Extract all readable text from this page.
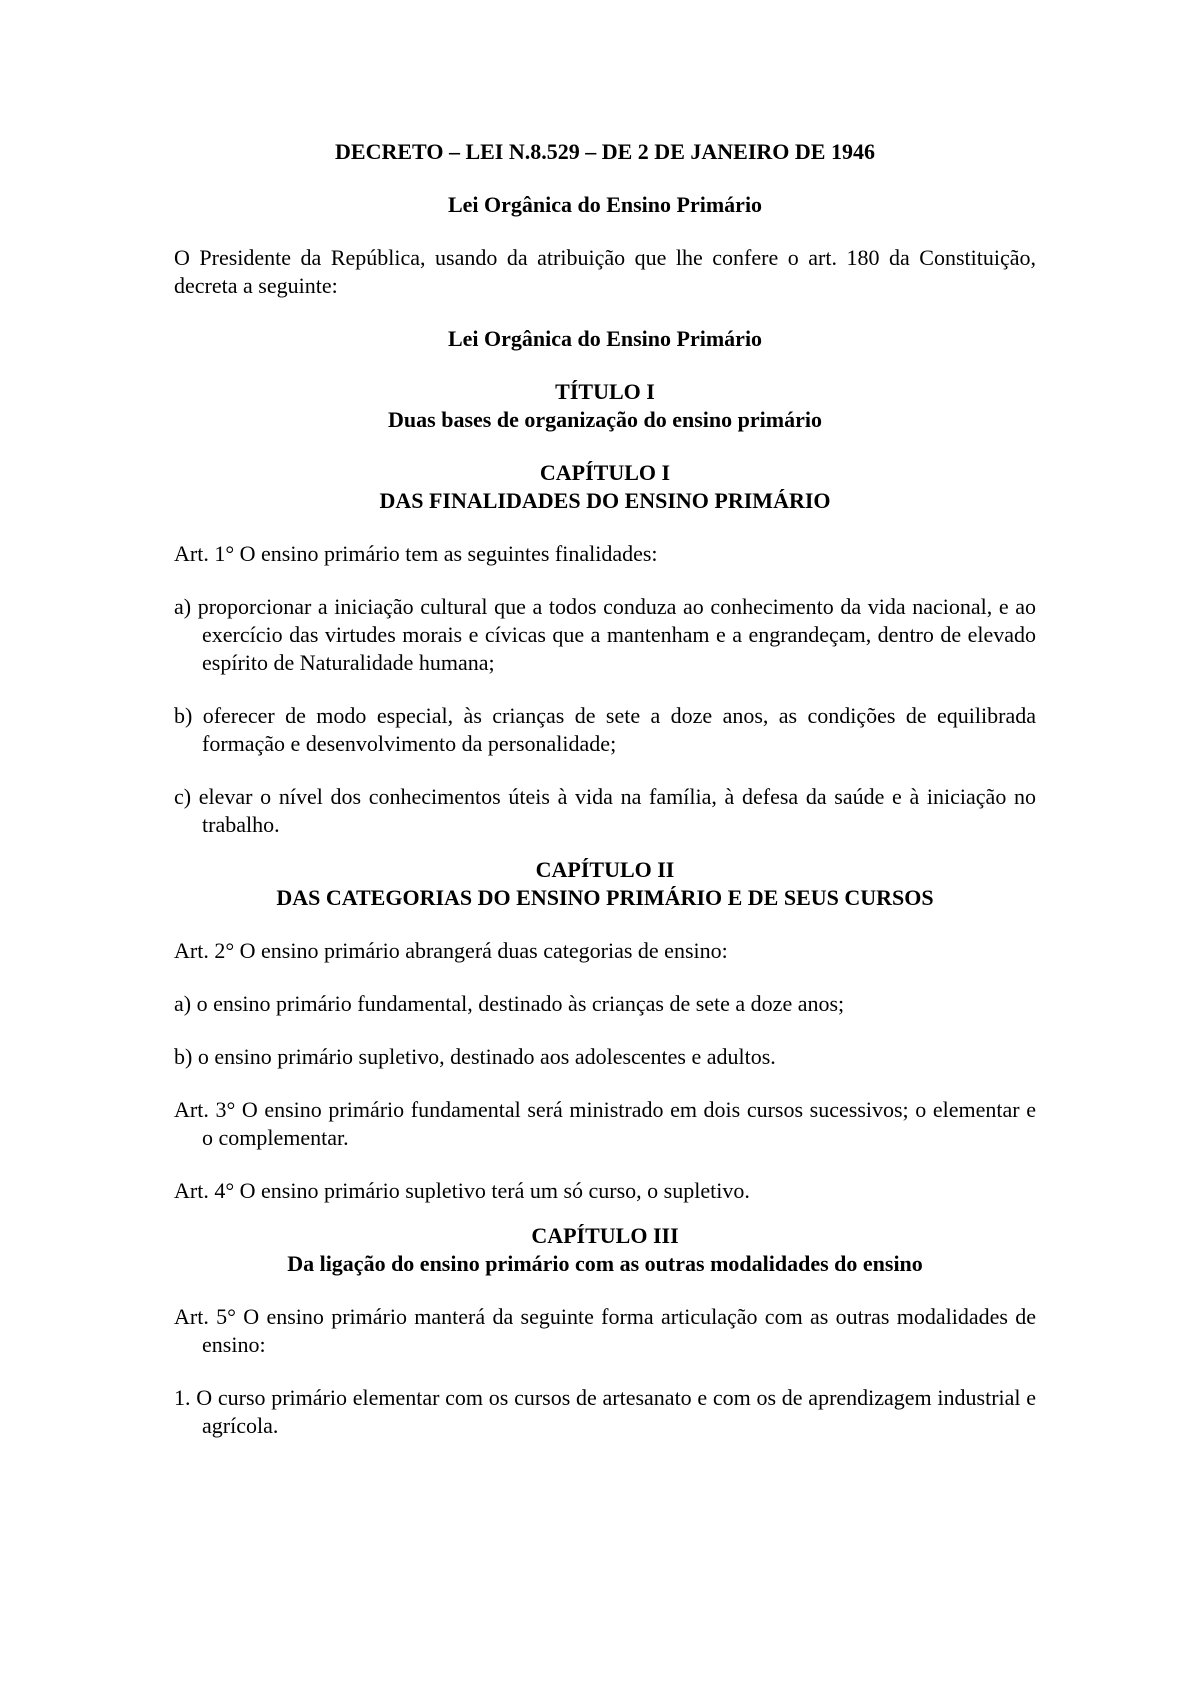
DECRETO – LEI N.8.529 – DE 2 DE JANEIRO DE 1946
Lei Orgânica do Ensino Primário
O Presidente da República, usando da atribuição que lhe confere o art. 180 da Constituição, decreta a seguinte:
Lei Orgânica do Ensino Primário
TÍTULO I
Duas bases de organização do ensino primário
CAPÍTULO I
DAS FINALIDADES DO ENSINO PRIMÁRIO
Art. 1° O ensino primário tem as seguintes finalidades:
a) proporcionar a iniciação cultural que a todos conduza ao conhecimento da vida nacional, e ao exercício das virtudes morais e cívicas que a mantenham e a engrandeçam, dentro de elevado espírito de Naturalidade humana;
b) oferecer de modo especial, às crianças de sete a doze anos, as condições de equilibrada formação e desenvolvimento da personalidade;
c) elevar o nível dos conhecimentos úteis à vida na família, à defesa da saúde e à iniciação no trabalho.
CAPÍTULO II
DAS CATEGORIAS DO ENSINO PRIMÁRIO E DE SEUS CURSOS
Art. 2° O ensino primário abrangerá duas categorias de ensino:
a) o ensino primário fundamental, destinado às crianças de sete a doze anos;
b) o ensino primário supletivo, destinado aos adolescentes e adultos.
Art. 3° O ensino primário fundamental será ministrado em dois cursos sucessivos; o elementar e o complementar.
Art. 4° O ensino primário supletivo terá um só curso, o supletivo.
CAPÍTULO III
Da ligação do ensino primário com as outras modalidades do ensino
Art. 5° O ensino primário manterá da seguinte forma articulação com as outras modalidades de ensino:
1. O curso primário elementar com os cursos de artesanato e com os de aprendizagem industrial e agrícola.
